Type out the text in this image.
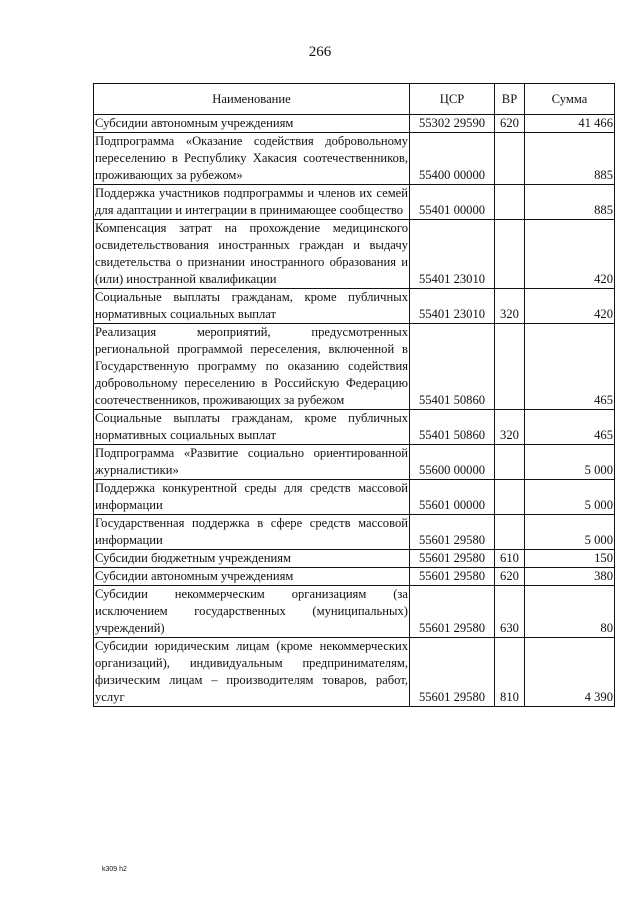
266
Наименование	ЦСР	ВР	Сумма
Субсидии автономным учреждениям	55302 29590	620	41 466
Подпрограмма «Оказание содействия добровольному переселению в Республику Хакасия соотечественников, проживающих за рубежом»	55400 00000		885
Поддержка участников подпрограммы и членов их семей для адаптации и интеграции в принимающее сообщество	55401 00000		885
Компенсация затрат на прохождение медицинского освидетельствования иностранных граждан и выдачу свидетельства о признании иностранного образования и (или) иностранной квалификации	55401 23010		420
Социальные выплаты гражданам, кроме публичных нормативных социальных выплат	55401 23010	320	420
Реализация мероприятий, предусмотренных региональной программой переселения, включенной в Государственную программу по оказанию содействия добровольному переселению в Российскую Федерацию соотечественников, проживающих за рубежом	55401 50860		465
Социальные выплаты гражданам, кроме публичных нормативных социальных выплат	55401 50860	320	465
Подпрограмма «Развитие социально ориентированной журналистики»	55600 00000		5 000
Поддержка конкурентной среды для средств массовой информации	55601 00000		5 000
Государственная поддержка в сфере средств массовой информации	55601 29580		5 000
Субсидии бюджетным учреждениям	55601 29580	610	150
Субсидии автономным учреждениям	55601 29580	620	380
Субсидии некоммерческим организациям (за исключением государственных (муниципальных) учреждений)	55601 29580	630	80
Субсидии юридическим лицам (кроме некоммерческих организаций), индивидуальным предпринимателям, физическим лицам – производителям товаров, работ, услуг	55601 29580	810	4 390
k309 h2
